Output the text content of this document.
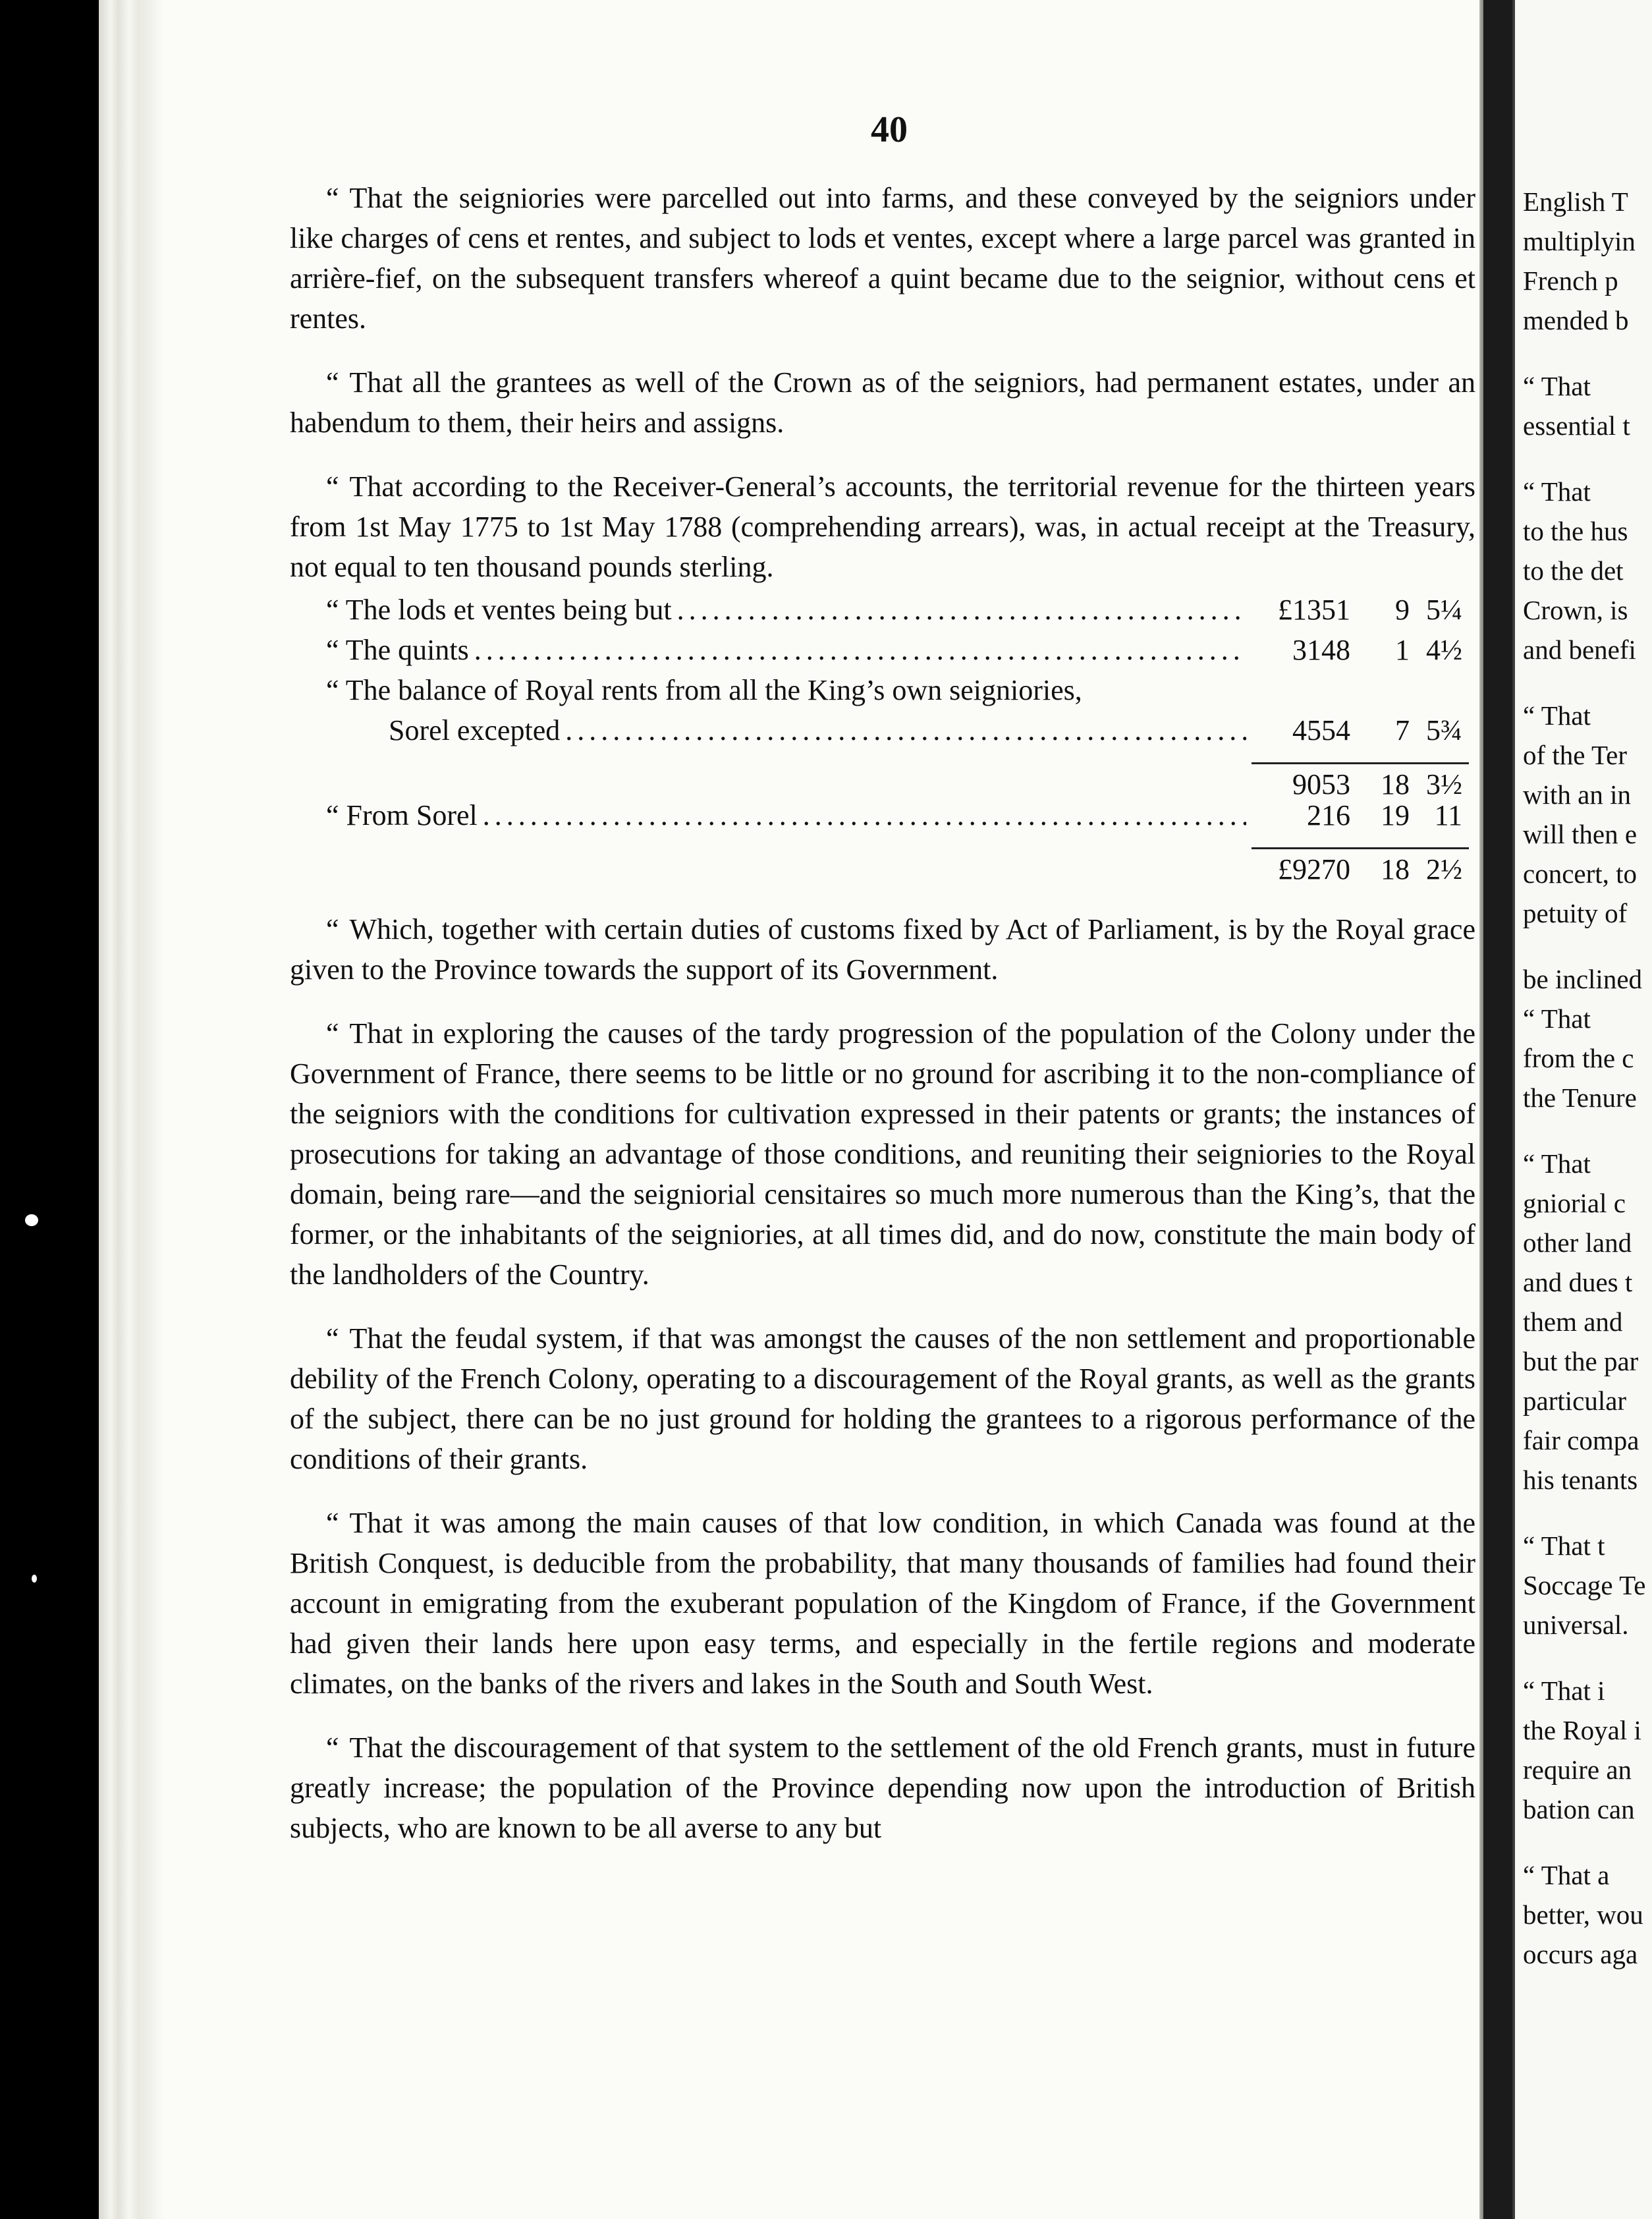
40

“ That the seigniories were parcelled out into farms, and these conveyed by the seigniors under like charges of cens et rentes, and subject to lods et ventes, except where a large parcel was granted in arrière-fief, on the subsequent transfers whereof a quint became due to the seignior, without cens et rentes.

“ That all the grantees as well of the Crown as of the seigniors, had permanent estates, under an habendum to them, their heirs and assigns.

“ That according to the Receiver-General’s accounts, the territorial revenue for the thirteen years from 1st May 1775 to 1st May 1788 (comprehending arrears), was, in actual receipt at the Treasury, not equal to ten thousand pounds sterling.

“ The lods et ventes being but . . .	£1351	9 5¼
“ The quints . . .	3148	1 4½
“ The balance of Royal rents from all the King’s own seigniories,
Sorel excepted . . .	4554	7 5¾
9053	18 3½
“ From Sorel . . .	216	19 11
£9270	18 2½

“ Which, together with certain duties of customs fixed by Act of Parliament, is by the Royal grace given to the Province towards the support of its Government.

“ That in exploring the causes of the tardy progression of the population of the Colony under the Government of France, there seems to be little or no ground for ascribing it to the non-compliance of the seigniors with the conditions for cultivation expressed in their patents or grants; the instances of prosecutions for taking an advantage of those conditions, and reuniting their seigniories to the Royal domain, being rare—and the seigniorial censitaires so much more numerous than the King’s, that the former, or the inhabitants of the seigniories, at all times did, and do now, constitute the main body of the landholders of the Country.

“ That the feudal system, if that was amongst the causes of the non settlement and proportionable debility of the French Colony, operating to a discouragement of the Royal grants, as well as the grants of the subject, there can be no just ground for holding the grantees to a rigorous performance of the conditions of their grants.

“ That it was among the main causes of that low condition, in which Canada was found at the British Conquest, is deducible from the probability, that many thousands of families had found their account in emigrating from the exuberant population of the Kingdom of France, if the Government had given their lands here upon easy terms, and especially in the fertile regions and moderate climates, on the banks of the rivers and lakes in the South and South West.

“ That the discouragement of that system to the settlement of the old French grants, must in future greatly increase; the population of the Province depending now upon the introduction of British subjects, who are known to be all averse to any but

English T
multiplyin
French p
mended b
“ That
essential t
“ That
to the hus
to the det
Crown, is
and benefi
“ That
of the Ter
with an in
will then e
concert, to
petuity of
be inclined
“ That
from the c
the Tenure
“ That
gniorial c
other land
and dues t
them and
but the par
particular
fair compa
his tenants
“ That t
Soccage Te
universal.
“ That i
the Royal i
require an
bation can
“ That a
better, wou
occurs aga
